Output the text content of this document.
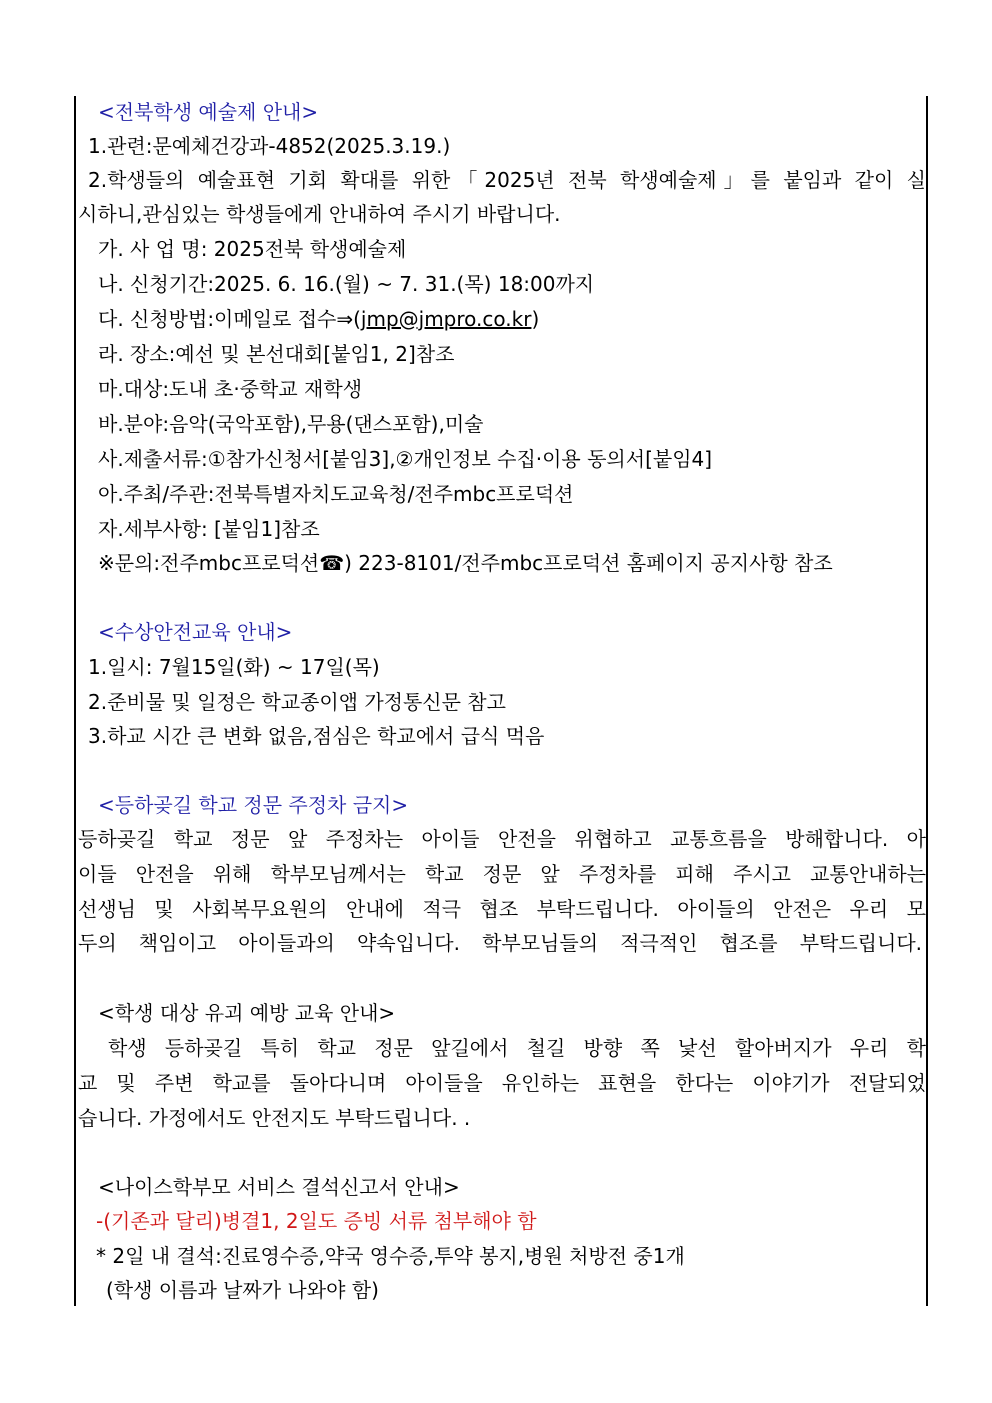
<전북학생 예술제 안내>
1.관련:문예체건강과-4852(2025.3.19.)
2.학생들의 예술표현 기회 확대를 위한「2025년 전북 학생예술제」를 붙임과 같이 실
시하니,관심있는 학생들에게 안내하여 주시기 바랍니다.
가. 사 업 명: 2025전북 학생예술제
나. 신청기간:2025. 6. 16.(월) ~ 7. 31.(목) 18:00까지
다. 신청방법:이메일로 접수⇒(jmp@jmpro.co.kr)
라. 장소:예선 및 본선대회[붙임1, 2]참조
마.대상:도내 초·중학교 재학생
바.분야:음악(국악포함),무용(댄스포함),미술
사.제출서류:①참가신청서[붙임3],②개인정보 수집·이용 동의서[붙임4]
아.주최/주관:전북특별자치도교육청/전주mbc프로덕션
자.세부사항: [붙임1]참조
※문의:전주mbc프로덕션☎) 223-8101/전주mbc프로덕션 홈페이지 공지사항 참조
<수상안전교육 안내>
1.일시: 7월15일(화) ~ 17일(목)
2.준비물 및 일정은 학교종이앱 가정통신문 참고
3.하교 시간 큰 변화 없음,점심은 학교에서 급식 먹음
<등하곶길 학교 정문 주정차 금지>
등하곶길 학교 정문 앞 주정차는 아이들 안전을 위협하고 교통흐름을 방해합니다. 아
이들 안전을 위해 학부모님께서는 학교 정문 앞 주정차를 피해 주시고 교통안내하는
선생님 및 사회복무요원의 안내에 적극 협조 부탁드립니다. 아이들의 안전은 우리 모
두의 책임이고 아이들과의 약속입니다. 학부모님들의 적극적인 협조를 부탁드립니다.
<학생 대상 유괴 예방 교육 안내>
학생 등하곶길 특히 학교 정문 앞길에서 철길 방향 쪽 낯선 할아버지가 우리 학
교 및 주변 학교를 돌아다니며 아이들을 유인하는 표현을 한다는 이야기가 전달되었
습니다. 가정에서도 안전지도 부탁드립니다. .
<나이스학부모 서비스 결석신고서 안내>
-(기존과 달리)병결1, 2일도 증빙 서류 첨부해야 함
* 2일 내 결석:진료영수증,약국 영수증,투약 봉지,병원 처방전 중1개
(학생 이름과 날짜가 나와야 함)
